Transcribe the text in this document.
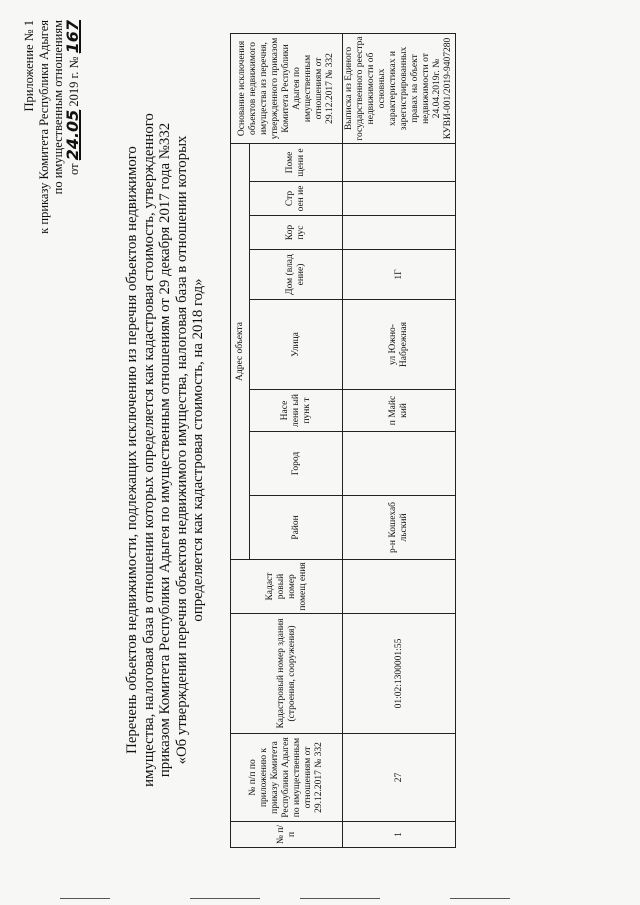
Приложение № 1 к приказу Комитета Республики Адыгея по имущественным отношениям от 24.05 2019 г. № 167
Перечень объектов недвижимости, подлежащих исключению из перечня объектов недвижимого имущества, налоговая база в отношении которых определяется как кадастровая стоимость, утвержденного приказом Комитета Республики Адыгея по имущественным отношениям от 29 декабря 2017 года №332 «Об утверждении перечня объектов недвижимого имущества, налоговая база в отношении которых определяется как кадастровая стоимость, на 2018 год»
№ п/п	№ п/п по приложению к приказу Комитета Республики Адыгея по имущественным отношениям от 29.12.2017 № 332	Кадастровый номер здания (строения, сооружения)	Кадаст ровый номер помещ ения	Адрес объекта								Основание исключения объектов недвижимого имущества из перечня, утвержденного приказом Комитета Республики Адыгея по имущественным отношениям от 29.12.2017 № 332
				Район	Город	Насе лени ый пунк т	Улица	Дом (влад ение)	Кор пус	Стр оен ие	Поме щени е	
1	27	01:02:1300001:55		р-н Кошехаб льский		п Майс кий	ул Южно-Набрежная	1Г				Выписка из Единого государственного реестра недвижимости об основных характеристиках и зарегистрированных правах на объект недвижимости от 24.04.2019г. № КУВИ-001/2019-9407280
